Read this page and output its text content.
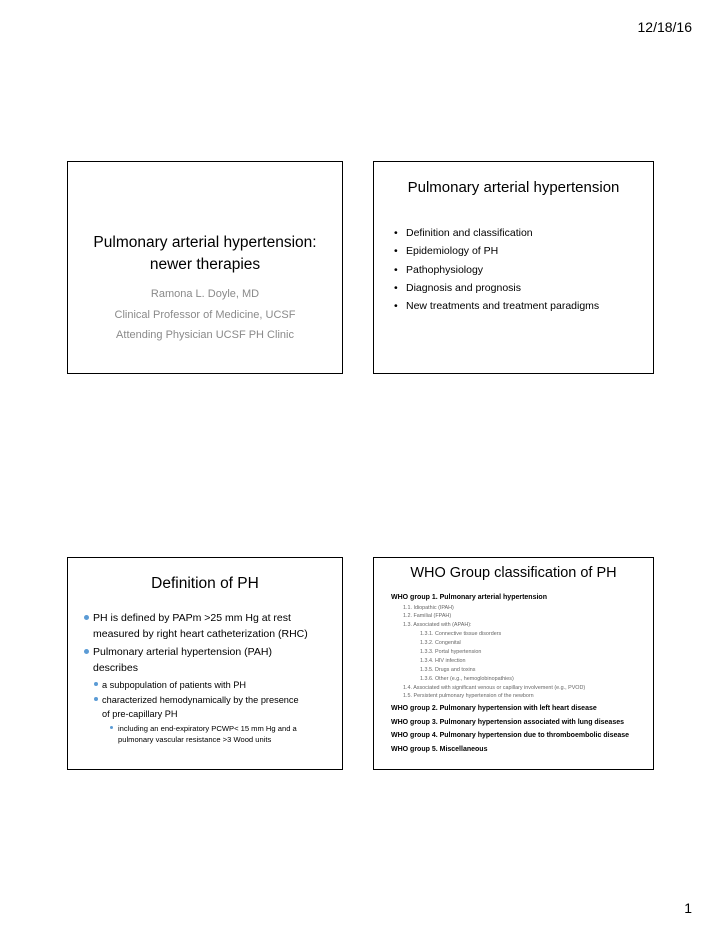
12/18/16
Pulmonary arterial hypertension:
newer therapies
Ramona L. Doyle, MD
Clinical Professor of Medicine, UCSF
Attending Physician UCSF PH Clinic
Pulmonary arterial hypertension
• Definition and classification
• Epidemiology of PH
• Pathophysiology
• Diagnosis and prognosis
• New treatments and treatment paradigms
Definition of PH
PH is defined by PAPm >25 mm Hg at rest
measured by right heart catheterization (RHC)
Pulmonary arterial hypertension (PAH)
describes
a subpopulation of patients with PH
characterized hemodynamically by the presence
of pre-capillary PH
including an end-expiratory PCWP< 15 mm Hg and a
pulmonary vascular resistance >3 Wood units
WHO Group classification of PH
WHO group 1. Pulmonary arterial hypertension
1.1. Idiopathic (IPAH)
1.2. Familial (FPAH)
1.3. Associated with (APAH):
1.3.1. Connective tissue disorders
1.3.2. Congenital
1.3.3. Portal hypertension
1.3.4. HIV infection
1.3.5. Drugs and toxins
1.3.6. Other (e.g., hemoglobinopathies)
1.4. Associated with significant venous or capillary involvement (e.g., PVOD)
1.5. Persistent pulmonary hypertension of the newborn
WHO group 2. Pulmonary hypertension with left heart disease
WHO group 3. Pulmonary hypertension associated with lung diseases
WHO group 4. Pulmonary hypertension due to thromboembolic disease
WHO group 5. Miscellaneous
1
